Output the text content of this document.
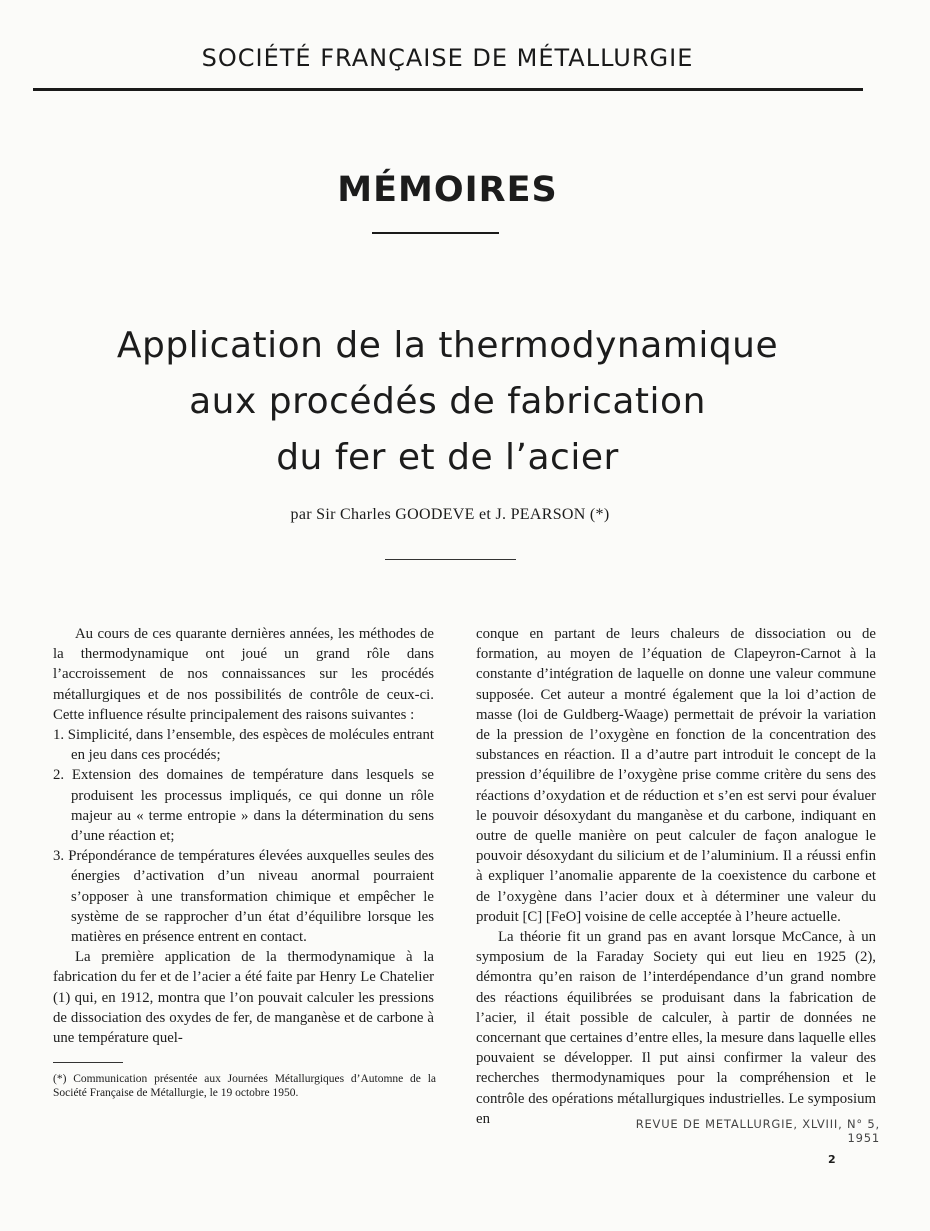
SOCIÉTÉ FRANÇAISE DE MÉTALLURGIE
MÉMOIRES
Application de la thermodynamique
aux procédés de fabrication
du fer et de l’acier
par Sir Charles GOODEVE et J. PEARSON (*)

Au cours de ces quarante dernières années, les méthodes de la thermodynamique ont joué un grand rôle dans l’accroissement de nos connaissances sur les procédés métallurgiques et de nos possibilités de contrôle de ceux-ci. Cette influence résulte principalement des raisons suivantes :

1. Simplicité, dans l’ensemble, des espèces de molécules entrant en jeu dans ces procédés;
2. Extension des domaines de température dans lesquels se produisent les processus impliqués, ce qui donne un rôle majeur au « terme entropie » dans la détermination du sens d’une réaction et;
3. Prépondérance de températures élevées auxquelles seules des énergies d’activation d’un niveau anormal pourraient s’opposer à une transformation chimique et empêcher le système de se rapprocher d’un état d’équilibre lorsque les matières en présence entrent en contact.

La première application de la thermodynamique à la fabrication du fer et de l’acier a été faite par Henry Le Chatelier (1) qui, en 1912, montra que l’on pouvait calculer les pressions de dissociation des oxydes de fer, de manganèse et de carbone à une température quel-

conque en partant de leurs chaleurs de dissociation ou de formation, au moyen de l’équation de Clapeyron-Carnot à la constante d’intégration de laquelle on donne une valeur commune supposée. Cet auteur a montré également que la loi d’action de masse (loi de Guldberg-Waage) permettait de prévoir la variation de la pression de l’oxygène en fonction de la concentration des substances en réaction. Il a d’autre part introduit le concept de la pression d’équilibre de l’oxygène prise comme critère du sens des réactions d’oxydation et de réduction et s’en est servi pour évaluer le pouvoir désoxydant du manganèse et du carbone, indiquant en outre de quelle manière on peut calculer de façon analogue le pouvoir désoxydant du silicium et de l’aluminium. Il a réussi enfin à expliquer l’anomalie apparente de la coexistence du carbone et de l’oxygène dans l’acier doux et à déterminer une valeur du produit [C] [FeO] voisine de celle acceptée à l’heure actuelle.

La théorie fit un grand pas en avant lorsque McCance, à un symposium de la Faraday Society qui eut lieu en 1925 (2), démontra qu’en raison de l’interdépendance d’un grand nombre des réactions équilibrées se produisant dans la fabrication de l’acier, il était possible de calculer, à partir de données ne concernant que certaines d’entre elles, la mesure dans laquelle elles pouvaient se développer. Il put ainsi confirmer la valeur des recherches thermodynamiques pour la compréhension et le contrôle des opérations métallurgiques industrielles. Le symposium en

(*) Communication présentée aux Journées Métallurgiques d’Automne de la Société Française de Métallurgie, le 19 octobre 1950.
REVUE DE METALLURGIE, XLVIII, N° 5, 1951
2
